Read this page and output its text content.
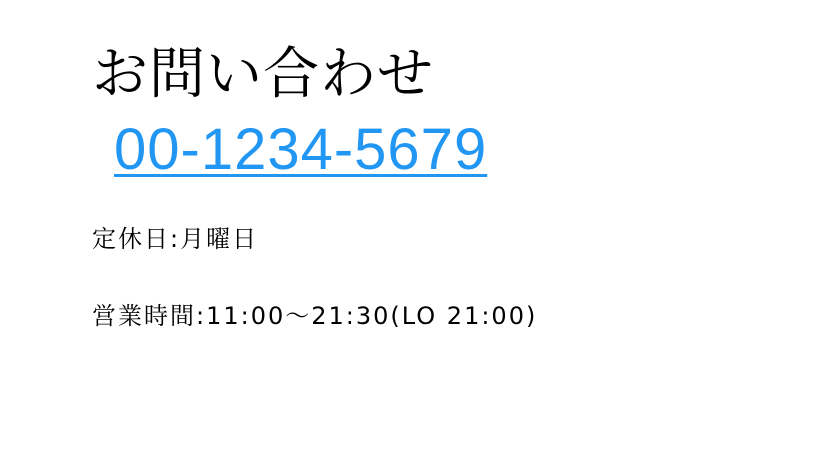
お問い合わせ
00-1234-5679

定休日:月曜日

営業時間:11:00〜21:30(LO 21:00)
